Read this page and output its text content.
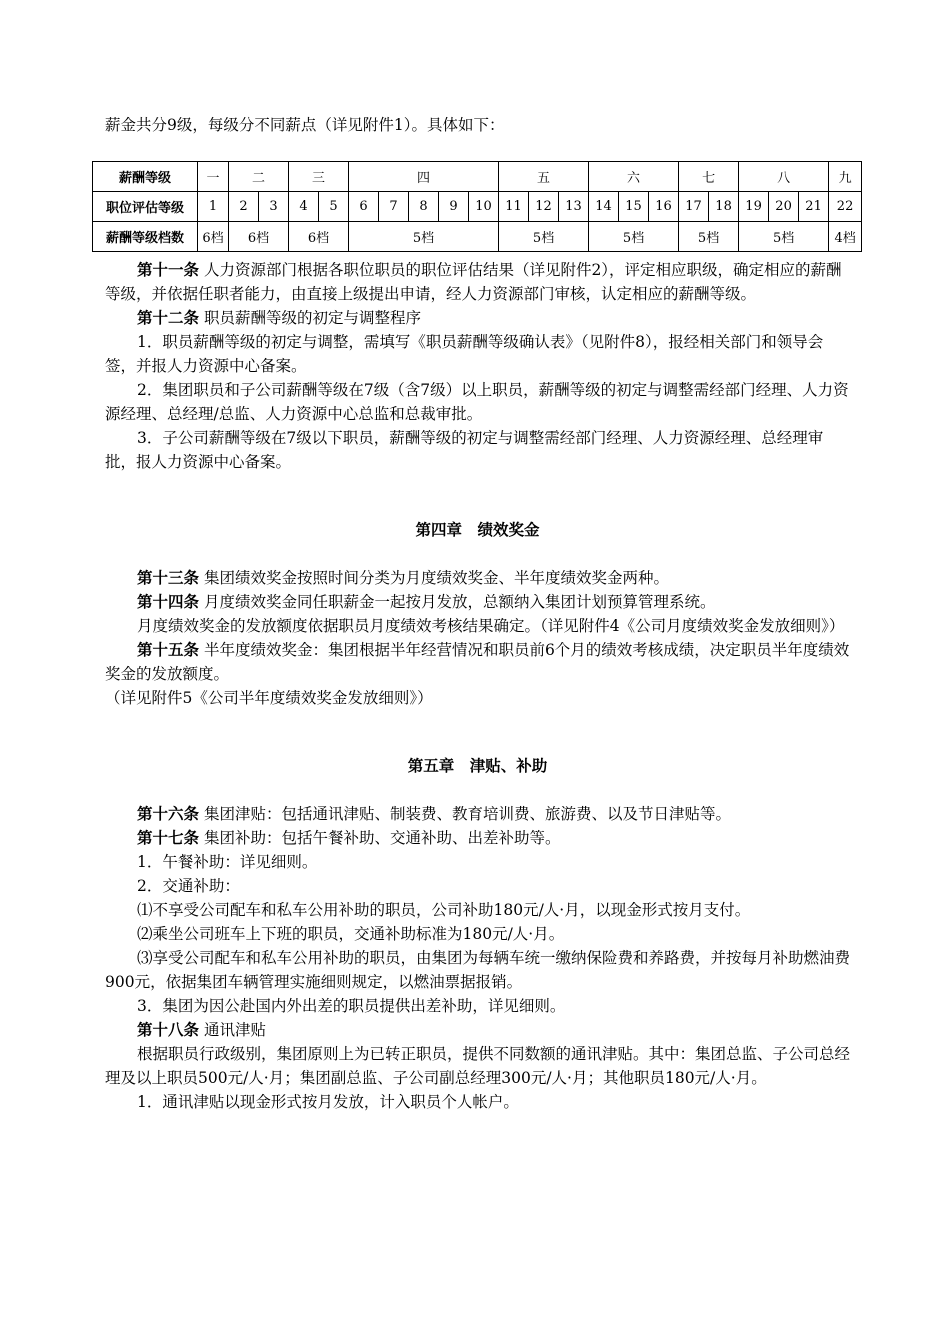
薪金共分9级，每级分不同薪点（详见附件1）。具体如下：
薪酬等级	一	二		三		四					五			六			七		八			九
职位评估等级	1	2	3	4	5	6	7	8	9	10	11	12	13	14	15	16	17	18	19	20	21	22
薪酬等级档数	6档	6档		6档		5档					5档			5档			5档		5档			4档

第十一条 人力资源部门根据各职位职员的职位评估结果（详见附件2），评定相应职级，确定相应的薪酬等级，并依据任职者能力，由直接上级提出申请，经人力资源部门审核，认定相应的薪酬等级。

第十二条 职员薪酬等级的初定与调整程序

1．职员薪酬等级的初定与调整，需填写《职员薪酬等级确认表》（见附件8），报经相关部门和领导会签，并报人力资源中心备案。

2．集团职员和子公司薪酬等级在7级（含7级）以上职员，薪酬等级的初定与调整需经部门经理、人力资源经理、总经理/总监、人力资源中心总监和总裁审批。

3．子公司薪酬等级在7级以下职员，薪酬等级的初定与调整需经部门经理、人力资源经理、总经理审批，报人力资源中心备案。

第四章　绩效奖金

第十三条 集团绩效奖金按照时间分类为月度绩效奖金、半年度绩效奖金两种。

第十四条 月度绩效奖金同任职薪金一起按月发放，总额纳入集团计划预算管理系统。

月度绩效奖金的发放额度依据职员月度绩效考核结果确定。（详见附件4《公司月度绩效奖金发放细则》）

第十五条 半年度绩效奖金：集团根据半年经营情况和职员前6个月的绩效考核成绩，决定职员半年度绩效奖金的发放额度。

（详见附件5《公司半年度绩效奖金发放细则》）

第五章　津贴、补助

第十六条 集团津贴：包括通讯津贴、制装费、教育培训费、旅游费、以及节日津贴等。

第十七条 集团补助：包括午餐补助、交通补助、出差补助等。

1．午餐补助：详见细则。

2．交通补助：

⑴不享受公司配车和私车公用补助的职员，公司补助180元/人·月，以现金形式按月支付。

⑵乘坐公司班车上下班的职员，交通补助标准为180元/人·月。

⑶享受公司配车和私车公用补助的职员，由集团为每辆车统一缴纳保险费和养路费，并按每月补助燃油费900元，依据集团车辆管理实施细则规定，以燃油票据报销。

3．集团为因公赴国内外出差的职员提供出差补助，详见细则。

第十八条 通讯津贴

根据职员行政级别，集团原则上为已转正职员，提供不同数额的通讯津贴。其中：集团总监、子公司总经理及以上职员500元/人·月；集团副总监、子公司副总经理300元/人·月；其他职员180元/人·月。

1．通讯津贴以现金形式按月发放，计入职员个人帐户。
